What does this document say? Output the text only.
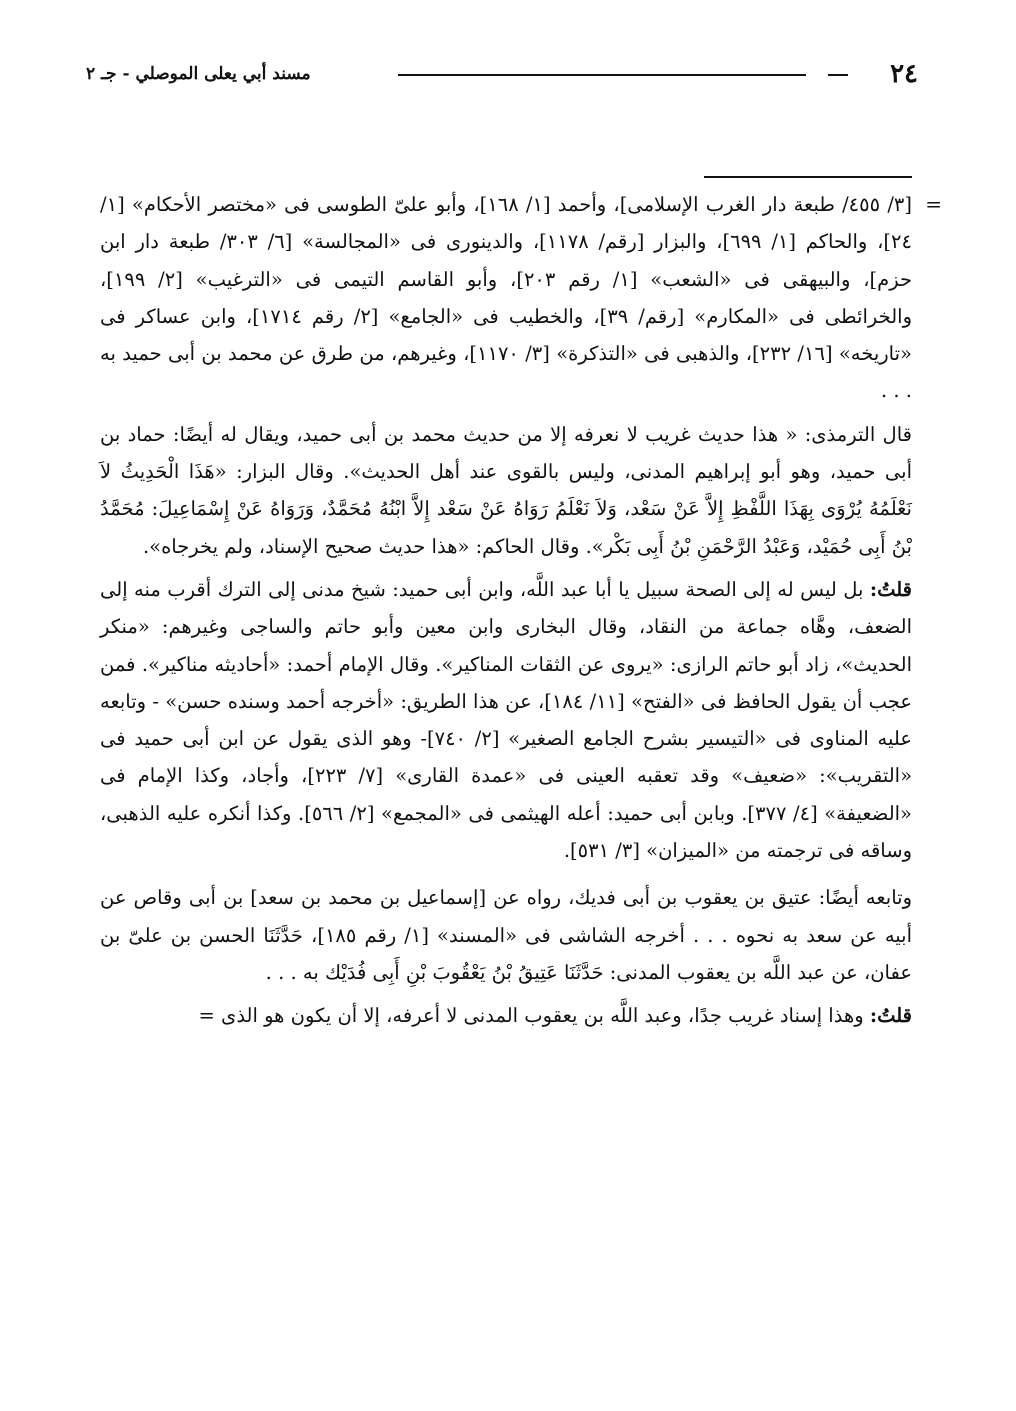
٢٤
مسند أبي يعلى الموصلي - جـ ٢

=
[٣/ ٤٥٥/ طبعة دار الغرب الإسلامى]، وأحمد [١/ ١٦٨]، وأبو علىّ الطوسى فى «مختصر الأحكام» [١/ ٢٤]، والحاكم [١/ ٦٩٩]، والبزار [رقم/ ١١٧٨]، والدينورى فى «المجالسة» [٦/ ٣٠٣/ طبعة دار ابن حزم]، والبيهقى فى «الشعب» [١/ رقم ٢٠٣]، وأبو القاسم التيمى فى «الترغيب» [٢/ ١٩٩]، والخرائطى فى «المكارم» [رقم/ ٣٩]، والخطيب فى «الجامع» [٢/ رقم ١٧١٤]، وابن عساكر فى «تاريخه» [١٦/ ٢٣٢]، والذهبى فى «التذكرة» [٣/ ١١٧٠]، وغيرهم، من طرق عن محمد بن أبى حميد به . . .

قال الترمذى: « هذا حديث غريب لا نعرفه إلا من حديث محمد بن أبى حميد، ويقال له أيضًا: حماد بن أبى حميد، وهو أبو إبراهيم المدنى، وليس بالقوى عند أهل الحديث». وقال البزار: «هَذَا الْحَدِيثُ لاَ نَعْلَمُهُ يُرْوَى بِهَذَا اللَّفْظِ إِلاَّ عَنْ سَعْد، وَلاَ نَعْلَمُ رَوَاهُ عَنْ سَعْد إِلاَّ ابْنُهُ مُحَمَّدٌ، وَرَوَاهُ عَنْ إِسْمَاعِيلَ: مُحَمَّدُ بْنُ أَبِى حُمَيْد، وَعَبْدُ الرَّحْمَنِ بْنُ أَبِى بَكْر». وقال الحاكم: «هذا حديث صحيح الإسناد، ولم يخرجاه».

قلتُ: بل ليس له إلى الصحة سبيل يا أبا عبد اللَّه، وابن أبى حميد: شيخ مدنى إلى الترك أقرب منه إلى الضعف، وهَّاه جماعة من النقاد، وقال البخارى وابن معين وأبو حاتم والساجى وغيرهم: «منكر الحديث»، زاد أبو حاتم الرازى: «يروى عن الثقات المناكير». وقال الإمام أحمد: «أحاديثه مناكير». فمن عجب أن يقول الحافظ فى «الفتح» [١١/ ١٨٤]، عن هذا الطريق: «أخرجه أحمد وسنده حسن» - وتابعه عليه المناوى فى «التيسير بشرح الجامع الصغير» [٢/ ٧٤٠]- وهو الذى يقول عن ابن أبى حميد فى «التقريب»: «ضعيف» وقد تعقبه العينى فى «عمدة القارى» [٧/ ٢٢٣]، وأجاد، وكذا الإمام فى «الضعيفة» [٤/ ٣٧٧]. وبابن أبى حميد: أعله الهيثمى فى «المجمع» [٢/ ٥٦٦]. وكذا أنكره عليه الذهبى، وساقه فى ترجمته من «الميزان» [٣/ ٥٣١].

وتابعه أيضًا: عتيق بن يعقوب بن أبى فديك، رواه عن [إسماعيل بن محمد بن سعد] بن أبى وقاص عن أبيه عن سعد به نحوه . . . أخرجه الشاشى فى «المسند» [١/ رقم ١٨٥]، حَدَّثَنَا الحسن بن علىّ بن عفان، عن عبد اللَّه بن يعقوب المدنى: حَدَّثَنَا عَتِيقُ بْنُ يَعْقُوبَ بْنِ أَبِى فُدَيْك به . . .

قلتُ: وهذا إسناد غريب جدًا، وعبد اللَّه بن يعقوب المدنى لا أعرفه، إلا أن يكون هو الذى =
